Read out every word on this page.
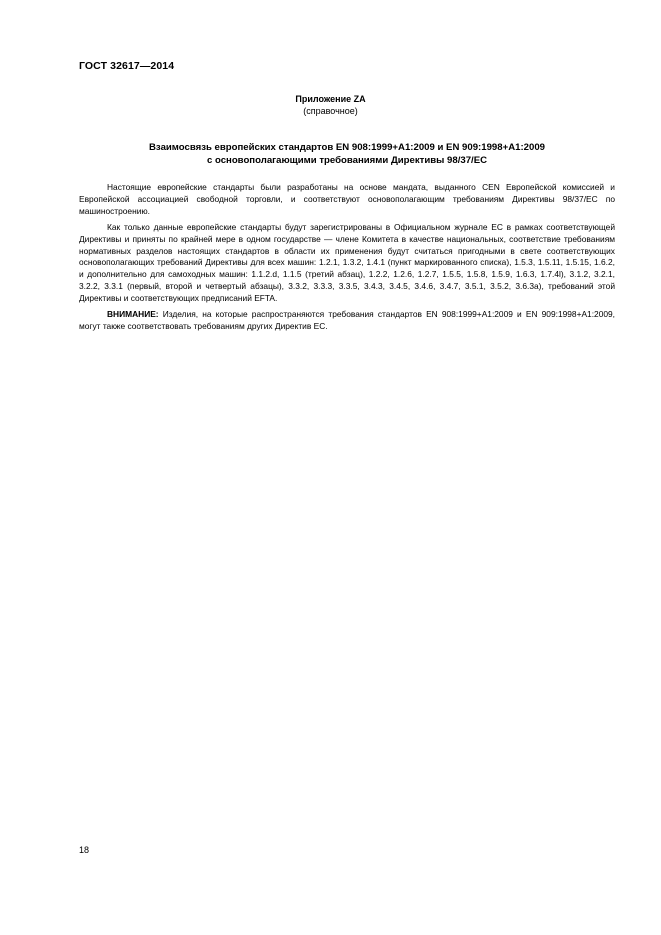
ГОСТ 32617—2014
Приложение ZA
(справочное)
Взаимосвязь европейских стандартов EN 908:1999+A1:2009 и EN 909:1998+A1:2009
с основополагающими требованиями Директивы 98/37/ЕС

Настоящие европейские стандарты были разработаны на основе мандата, выданного CEN Европейской комиссией и Европейской ассоциацией свободной торговли, и соответствуют основополагающим требованиям Директивы 98/37/ЕС по машиностроению.

Как только данные европейские стандарты будут зарегистрированы в Официальном журнале ЕС в рамках соответствующей Директивы и приняты по крайней мере в одном государстве — члене Комитета в качестве национальных, соответствие требованиям нормативных разделов настоящих стандартов в области их применения будут считаться пригодными в свете соответствующих основополагающих требований Директивы для всех машин: 1.2.1, 1.3.2, 1.4.1 (пункт маркированного списка), 1.5.3, 1.5.11, 1.5.15, 1.6.2, и дополнительно для самоходных машин: 1.1.2.d, 1.1.5 (третий абзац), 1.2.2, 1.2.6, 1.2.7, 1.5.5, 1.5.8, 1.5.9, 1.6.3, 1.7.4l), 3.1.2, 3.2.1, 3.2.2, 3.3.1 (первый, второй и четвертый абзацы), 3.3.2, 3.3.3, 3.3.5, 3.4.3, 3.4.5, 3.4.6, 3.4.7, 3.5.1, 3.5.2, 3.6.3а), требований этой Директивы и соответствующих предписаний EFTA.

ВНИМАНИЕ: Изделия, на которые распространяются требования стандартов EN 908:1999+A1:2009 и EN 909:1998+A1:2009, могут также соответствовать требованиям других Директив ЕС.

18
